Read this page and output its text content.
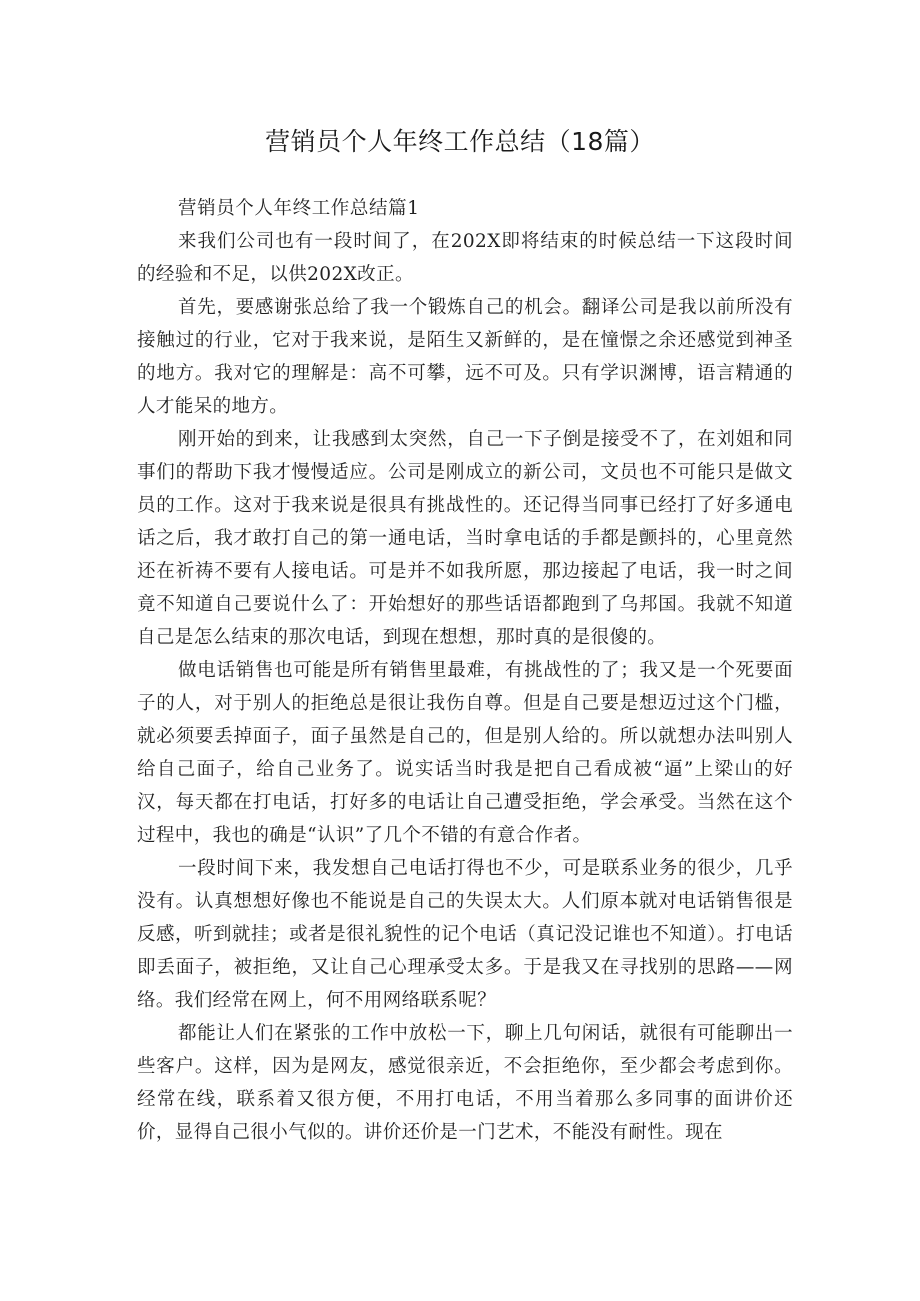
营销员个人年终工作总结（18篇）

营销员个人年终工作总结篇1

来我们公司也有一段时间了，在202X即将结束的时候总结一下这段时间的经验和不足，以供202X改正。

首先，要感谢张总给了我一个锻炼自己的机会。翻译公司是我以前所没有接触过的行业，它对于我来说，是陌生又新鲜的，是在憧憬之余还感觉到神圣的地方。我对它的理解是：高不可攀，远不可及。只有学识渊博，语言精通的人才能呆的地方。

刚开始的到来，让我感到太突然，自己一下子倒是接受不了，在刘姐和同事们的帮助下我才慢慢适应。公司是刚成立的新公司，文员也不可能只是做文员的工作。这对于我来说是很具有挑战性的。还记得当同事已经打了好多通电话之后，我才敢打自己的第一通电话，当时拿电话的手都是颤抖的，心里竟然还在祈祷不要有人接电话。可是并不如我所愿，那边接起了电话，我一时之间竟不知道自己要说什么了：开始想好的那些话语都跑到了乌邦国。我就不知道自己是怎么结束的那次电话，到现在想想，那时真的是很傻的。

做电话销售也可能是所有销售里最难，有挑战性的了；我又是一个死要面子的人，对于别人的拒绝总是很让我伤自尊。但是自己要是想迈过这个门槛，就必须要丢掉面子，面子虽然是自己的，但是别人给的。所以就想办法叫别人给自己面子，给自己业务了。说实话当时我是把自己看成被“逼”上梁山的好汉，每天都在打电话，打好多的电话让自己遭受拒绝，学会承受。当然在这个过程中，我也的确是“认识”了几个不错的有意合作者。

一段时间下来，我发想自己电话打得也不少，可是联系业务的很少，几乎没有。认真想想好像也不能说是自己的失误太大。人们原本就对电话销售很是反感，听到就挂；或者是很礼貌性的记个电话（真记没记谁也不知道）。打电话即丢面子，被拒绝，又让自己心理承受太多。于是我又在寻找别的思路——网络。我们经常在网上，何不用网络联系呢？

都能让人们在紧张的工作中放松一下，聊上几句闲话，就很有可能聊出一些客户。这样，因为是网友，感觉很亲近，不会拒绝你，至少都会考虑到你。经常在线，联系着又很方便，不用打电话，不用当着那么多同事的面讲价还价，显得自己很小气似的。讲价还价是一门艺术，不能没有耐性。现在
